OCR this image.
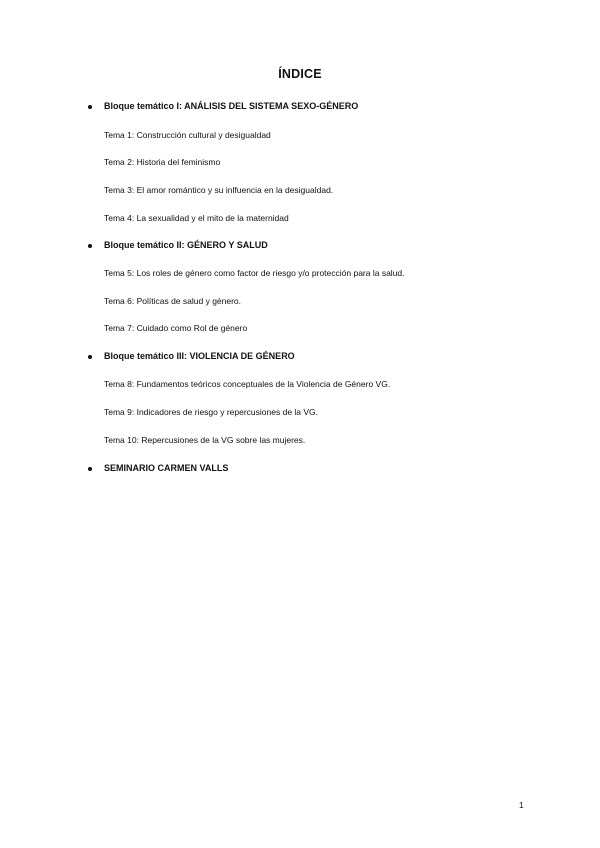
ÍNDICE
Bloque temático I: ANÁLISIS DEL SISTEMA SEXO-GÉNERO
Tema 1: Construcción cultural y desigualdad
Tema 2: Historia del feminismo
Tema 3: El amor romántico y su inlfuencia en la desigualdad.
Tema 4: La sexualidad y el mito de la maternidad
Bloque temático II: GÉNERO Y SALUD
Tema 5: Los roles de género como factor de riesgo y/o protección para la salud.
Tema 6: Políticas de salud y género.
Tema 7: Cuidado como Rol de género
Bloque temático III: VIOLENCIA DE GÉNERO
Tema 8: Fundamentos teóricos conceptuales de la Violencia de Género VG.
Tema 9: Indicadores de riesgo y repercusiones de la VG.
Tema 10: Repercusiones de la VG sobre las mujeres.
SEMINARIO CARMEN VALLS
1
